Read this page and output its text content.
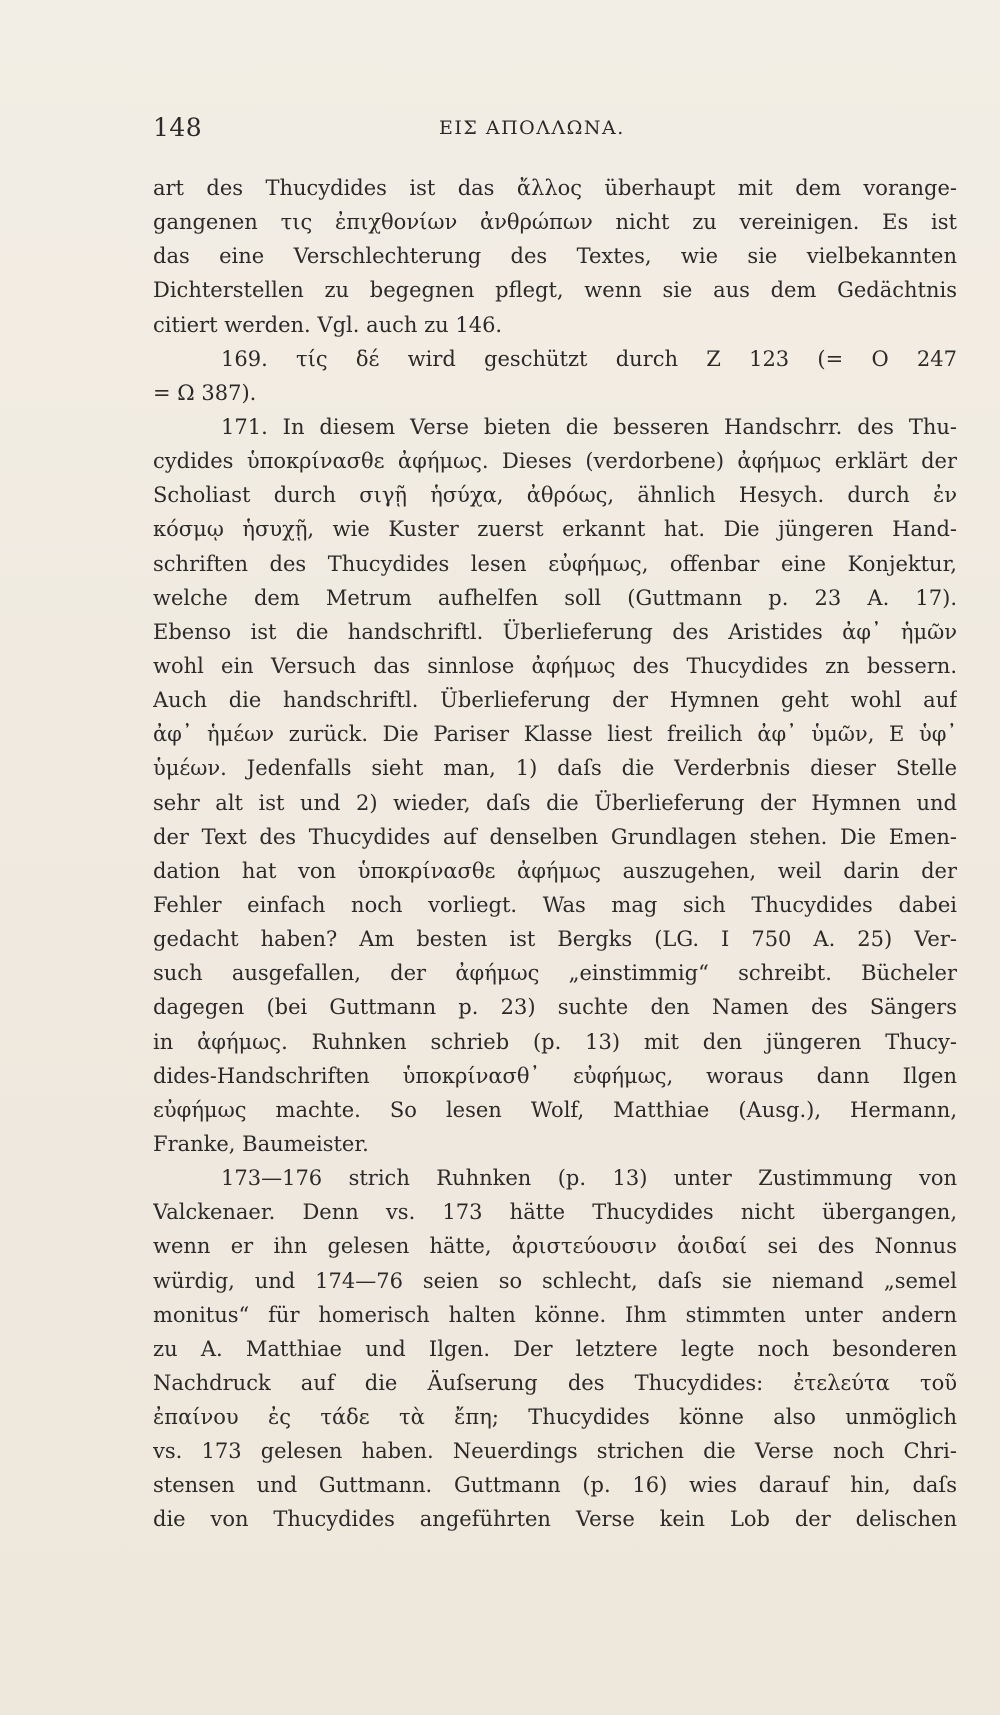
148	ΕΙΣ ΑΠΟΛΛΩΝΑ.
art des Thucydides ist das ἄλλος überhaupt mit dem vorange-
gangenen τις ἐπιχθονίων ἀνθρώπων nicht zu vereinigen. Es ist
das eine Verschlechterung des Textes, wie sie vielbekannten
Dichterstellen zu begegnen pflegt, wenn sie aus dem Gedächtnis
citiert werden. Vgl. auch zu 146.
169. τίς δέ wird geschützt durch Z 123 (= O 247
= Ω 387).
171. In diesem Verse bieten die besseren Handschrr. des Thu-
cydides ὑποκρίνασθε ἀφήμως. Dieses (verdorbene) ἀφήμως erklärt der
Scholiast durch σιγῇ ἡσύχα, ἀθρόως, ähnlich Hesych. durch ἐν
κόσμῳ ἡσυχῇ, wie Kuster zuerst erkannt hat. Die jüngeren Hand-
schriften des Thucydides lesen εὐφήμως, offenbar eine Konjektur,
welche dem Metrum aufhelfen soll (Guttmann p. 23 A. 17).
Ebenso ist die handschriftl. Überlieferung des Aristides ἀφ᾽ ἡμῶν
wohl ein Versuch das sinnlose ἀφήμως des Thucydides zn bessern.
Auch die handschriftl. Überlieferung der Hymnen geht wohl auf
ἀφ᾽ ἡμέων zurück. Die Pariser Klasse liest freilich ἀφ᾽ ὑμῶν, E ὑφ᾽
ὑμέων. Jedenfalls sieht man, 1) daſs die Verderbnis dieser Stelle
sehr alt ist und 2) wieder, daſs die Überlieferung der Hymnen und
der Text des Thucydides auf denselben Grundlagen stehen. Die Emen-
dation hat von ὑποκρίνασθε ἀφήμως auszugehen, weil darin der
Fehler einfach noch vorliegt. Was mag sich Thucydides dabei
gedacht haben? Am besten ist Bergks (LG. I 750 A. 25) Ver-
such ausgefallen, der ἀφήμως „einstimmig“ schreibt. Bücheler
dagegen (bei Guttmann p. 23) suchte den Namen des Sängers
in ἀφήμως. Ruhnken schrieb (p. 13) mit den jüngeren Thucy-
dides-Handschriften ὑποκρίνασθ᾽ εὐφήμως, woraus dann Ilgen
εὐφήμως machte. So lesen Wolf, Matthiae (Ausg.), Hermann,
Franke, Baumeister.
173—176 strich Ruhnken (p. 13) unter Zustimmung von
Valckenaer. Denn vs. 173 hätte Thucydides nicht übergangen,
wenn er ihn gelesen hätte, ἀριστεύουσιν ἀοιδαί sei des Nonnus
würdig, und 174—76 seien so schlecht, daſs sie niemand „semel
monitus“ für homerisch halten könne. Ihm stimmten unter andern
zu A. Matthiae und Ilgen. Der letztere legte noch besonderen
Nachdruck auf die Äuſserung des Thucydides: ἐτελεύτα τοῦ
ἐπαίνου ἐς τάδε τὰ ἔπη; Thucydides könne also unmöglich
vs. 173 gelesen haben. Neuerdings strichen die Verse noch Chri-
stensen und Guttmann. Guttmann (p. 16) wies darauf hin, daſs
die von Thucydides angeführten Verse kein Lob der delischen
